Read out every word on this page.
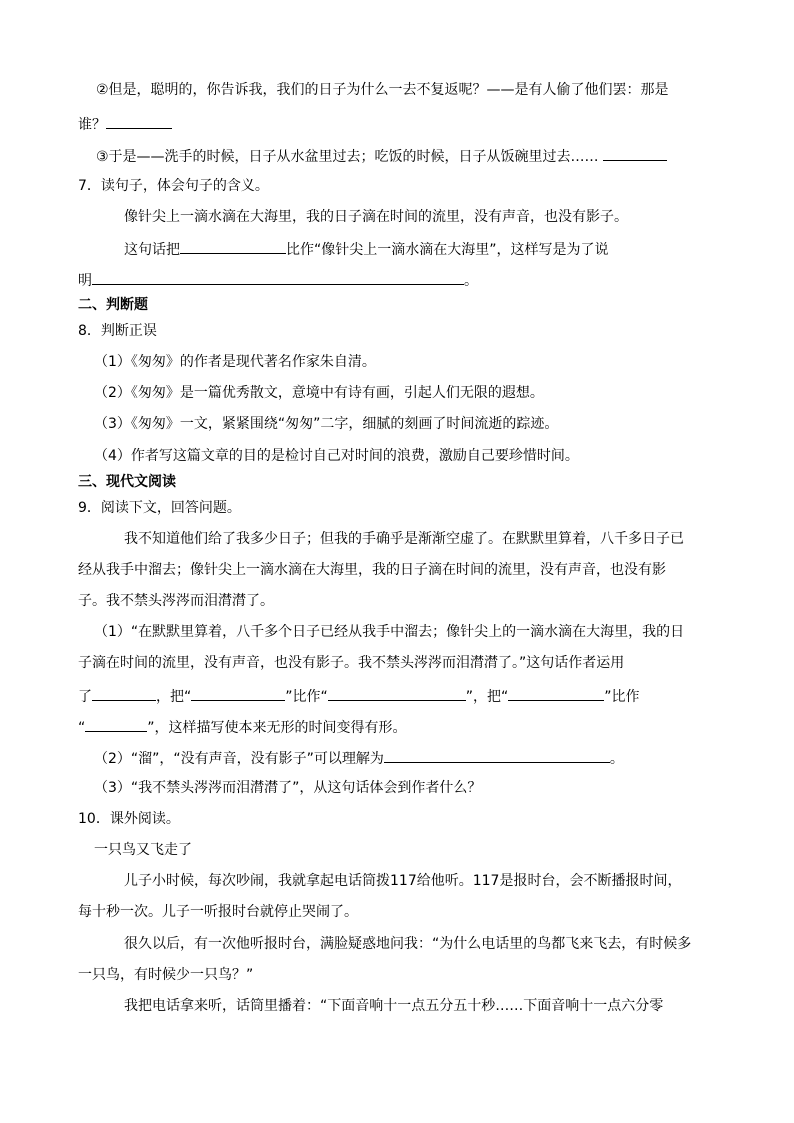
②但是，聪明的，你告诉我，我们的日子为什么一去不复返呢？——是有人偷了他们罢：那是
谁？
③于是——洗手的时候，日子从水盆里过去；吃饭的时候，日子从饭碗里过去……
7．读句子，体会句子的含义。
像针尖上一滴水滴在大海里，我的日子滴在时间的流里，没有声音，也没有影子。
这句话把	比作“像针尖上一滴水滴在大海里”，这样写是为了说
明	。
二、判断题
8．判断正误
（1）《匆匆》的作者是现代著名作家朱自清。
（2）《匆匆》是一篇优秀散文，意境中有诗有画，引起人们无限的遐想。
（3）《匆匆》一文，紧紧围绕“匆匆”二字，细腻的刻画了时间流逝的踪迹。
（4）作者写这篇文章的目的是检讨自己对时间的浪费，激励自己要珍惜时间。
三、现代文阅读
9．阅读下文，回答问题。
我不知道他们给了我多少日子；但我的手确乎是渐渐空虚了。在默默里算着，八千多日子已
经从我手中溜去；像针尖上一滴水滴在大海里，我的日子滴在时间的流里，没有声音，也没有影
子。我不禁头涔涔而泪潸潸了。
（1）“在默默里算着，八千多个日子已经从我手中溜去；像针尖上的一滴水滴在大海里，我的日
子滴在时间的流里，没有声音，也没有影子。我不禁头涔涔而泪潸潸了。”这句话作者运用
了	，把“	”比作“	”，把“	”比作
“	”，这样描写使本来无形的时间变得有形。
（2）“溜”，“没有声音，没有影子”可以理解为	。
（3）“我不禁头涔涔而泪潸潸了”，从这句话体会到作者什么？
10．课外阅读。
一只鸟又飞走了
儿子小时候，每次吵闹，我就拿起电话筒拨117给他听。117是报时台，会不断播报时间，
每十秒一次。儿子一听报时台就停止哭闹了。
很久以后，有一次他听报时台，满脸疑惑地问我：“为什么电话里的鸟都飞来飞去，有时候多
一只鸟，有时候少一只鸟？”
我把电话拿来听，话筒里播着：“下面音响十一点五分五十秒……下面音响十一点六分零
